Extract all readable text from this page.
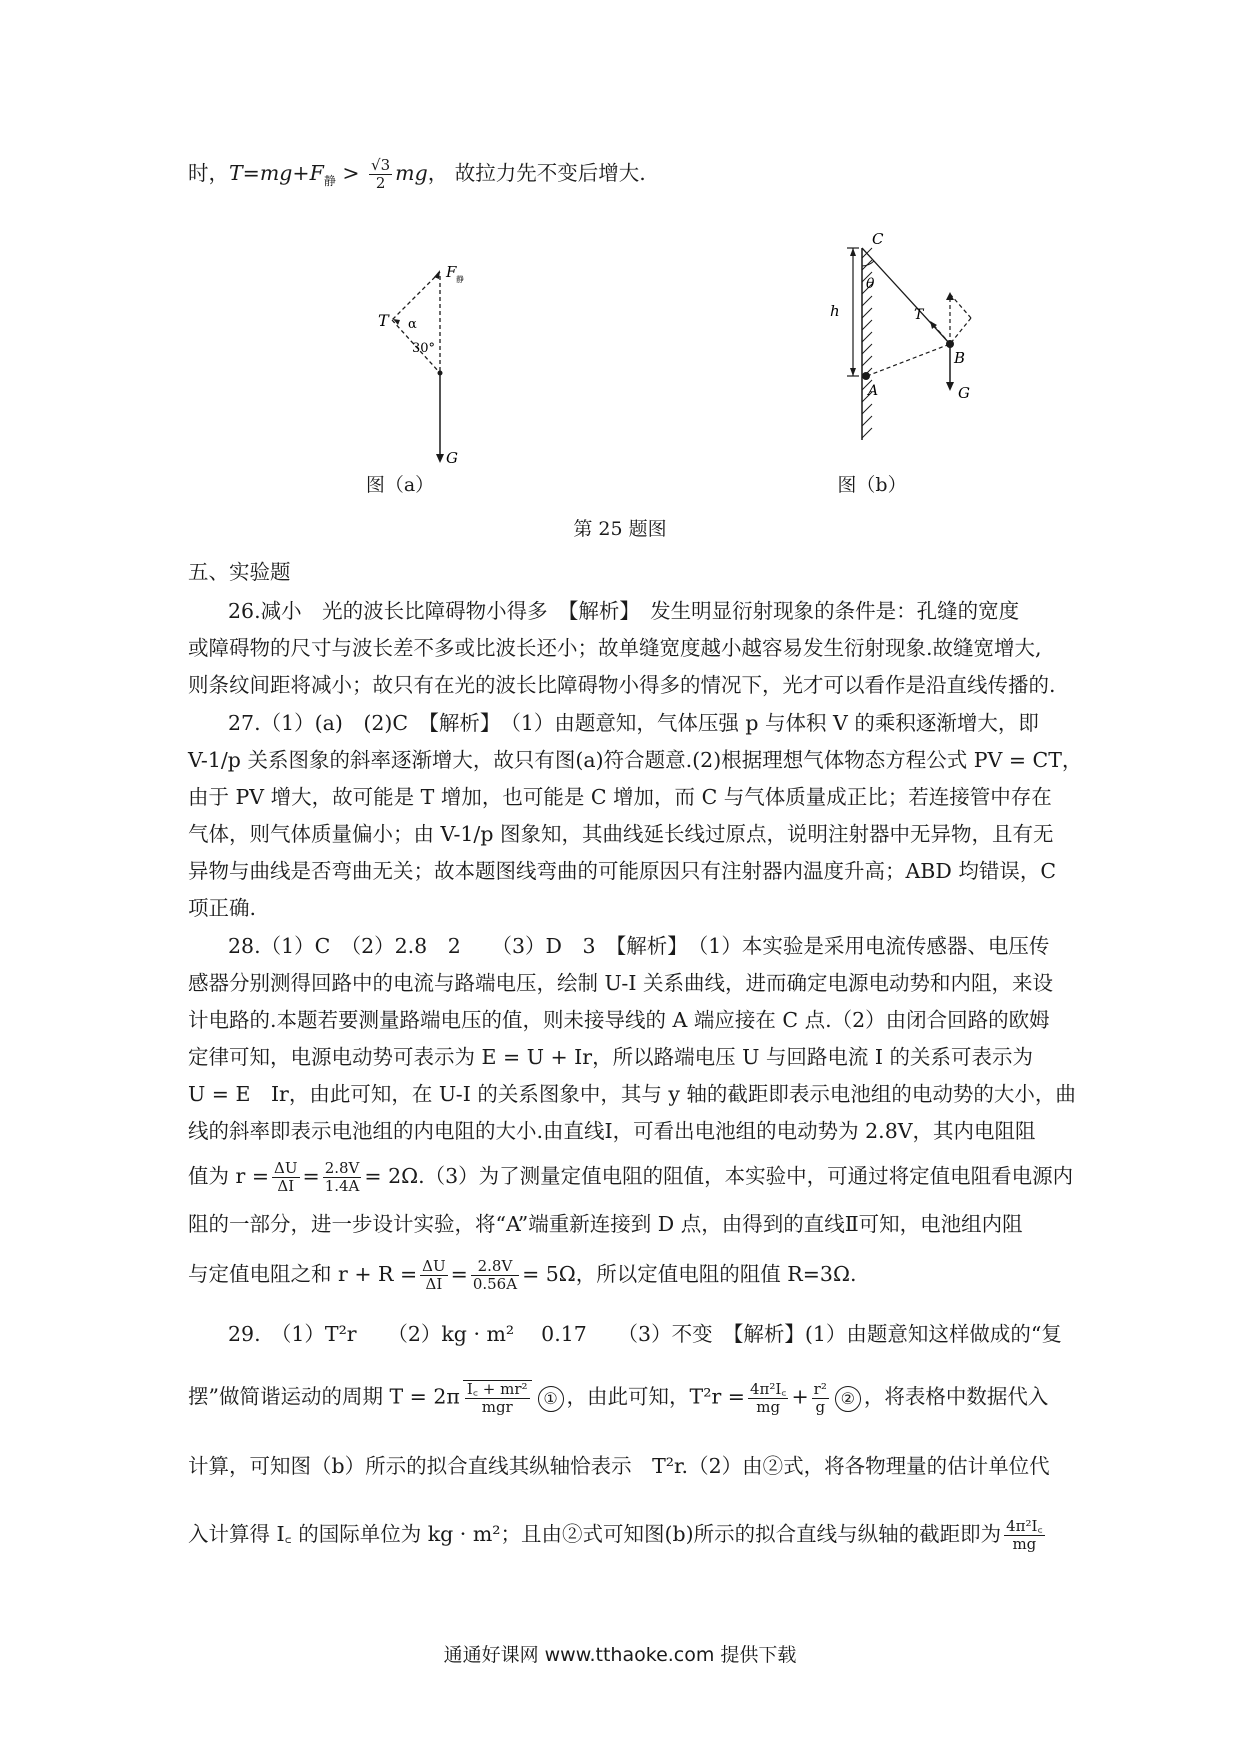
时，$T=mg+F_静 > \frac{√3}{2}$ mg， 故拉力先不变后增大.
F 静
T α
30°
G
C
θ
h	T
B
A	G
图（a）	图（b）
第 25 题图
五、实验题
26.减小　光的波长比障碍物小得多　【解析】　发生明显衍射现象的条件是：孔缝的宽度
或障碍物的尺寸与波长差不多或比波长还小；故单缝宽度越小越容易发生衍射现象.故缝宽增大,
则条纹间距将减小；故只有在光的波长比障碍物小得多的情况下，光才可以看作是沿直线传播的.
27.（1）(a)　(2)C　【解析】　（1）由题意知，气体压强 p 与体积 V 的乘积逐渐增大，即
V-1/p 关系图象的斜率逐渐增大，故只有图(a)符合题意.(2)根据理想气体物态方程公式 PV = CT，
由于 PV 增大，故可能是 T 增加，也可能是 C 增加，而 C 与气体质量成正比；若连接管中存在
气体，则气体质量偏小；由 V-1/p 图象知，其曲线延长线过原点，说明注射器中无异物，且有无
异物与曲线是否弯曲无关；故本题图线弯曲的可能原因只有注射器内温度升高；ABD 均错误，C
项正确.
28.（1）C　（2）2.8　2　　（3）D　3　【解析】　（1）本实验是采用电流传感器、电压传
感器分别测得回路中的电流与路端电压，绘制 U-I 关系曲线，进而确定电源电动势和内阻，来设
计电路的.本题若要测量路端电压的值，则未接导线的 A 端应接在 C 点.（2）由闭合回路的欧姆
定律可知，电源电动势可表示为 E = U + Ir，所以路端电压 U 与回路电流 I 的关系可表示为
U = E　Ir，由此可知，在 U-I 的关系图象中，其与 y 轴的截距即表示电池组的电动势的大小，曲
线的斜率即表示电池组的内电阻的大小.由直线Ⅰ，可看出电池组的电动势为 2.8V，其内电阻阻
值为 $r = \frac{\Delta U}{\Delta I} = \frac{2.8V}{1.4A} = 2\Omega.(3)$为了测量定值电阻的阻值，本实验中，可通过将定值电阻看电源内
阻的一部分，进一步设计实验，将“A”端重新连接到 D 点，由得到的直线Ⅱ可知，电池组内阻
与定值电阻之和 $r + R = \frac{\Delta U}{\Delta I} = \frac{2.8V}{0.56A} = 5\Omega$，所以定值电阻的阻值 R=3Ω.
29.　（1）T²r　　（2）kg · m²　 0.17　　（3）不变　【解析】(1）由题意知这样做成的“复
摆”做简谐运动的周期 $T = 2\pi \frac{\text{I꜀ + mr²}}{\text{mgr}}$ ① ，由此可知，$T^2r = \frac{\text{4π²I꜀}}{mg} + \frac{\text{r²}}{g}$ ② ，将表格中数据代入
计算，可知图（b）所示的拟合直线其纵轴恰表示　T²r.（2）由②式，将各物理量的估计单位代
入计算得 I꜀ 的国际单位为 kg · m²；且由②式可知图(b)所示的拟合直线与纵轴的截距即为 $\frac{\text{4π²I꜀}}{mg}$
通通好课网 www.tthaoke.com 提供下载
